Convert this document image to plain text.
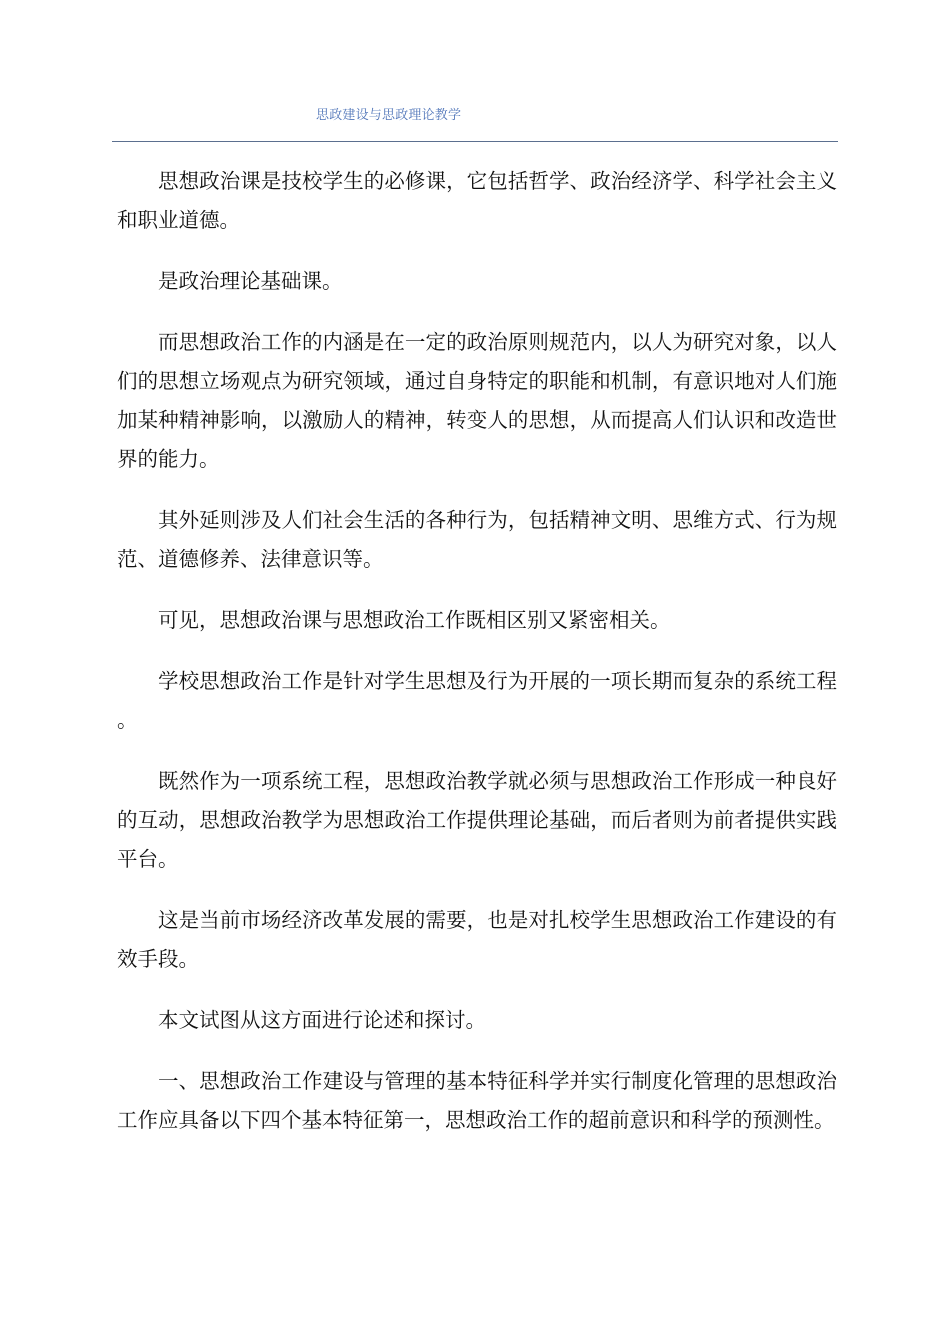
思政建设与思政理论教学

思想政治课是技校学生的必修课，它包括哲学、政治经济学、科学社会主义和职业道德。

是政治理论基础课。

而思想政治工作的内涵是在一定的政治原则规范内，以人为研究对象，以人们的思想立场观点为研究领域，通过自身特定的职能和机制，有意识地对人们施加某种精神影响，以激励人的精神，转变人的思想，从而提高人们认识和改造世界的能力。

其外延则涉及人们社会生活的各种行为，包括精神文明、思维方式、行为规范、道德修养、法律意识等。

可见，思想政治课与思想政治工作既相区别又紧密相关。

学校思想政治工作是针对学生思想及行为开展的一项长期而复杂的系统工程。

既然作为一项系统工程，思想政治教学就必须与思想政治工作形成一种良好的互动，思想政治教学为思想政治工作提供理论基础，而后者则为前者提供实践平台。

这是当前市场经济改革发展的需要，也是对扎校学生思想政治工作建设的有效手段。

本文试图从这方面进行论述和探讨。

一、思想政治工作建设与管理的基本特征科学并实行制度化管理的思想政治工作应具备以下四个基本特征第一，思想政治工作的超前意识和科学的预测性。
